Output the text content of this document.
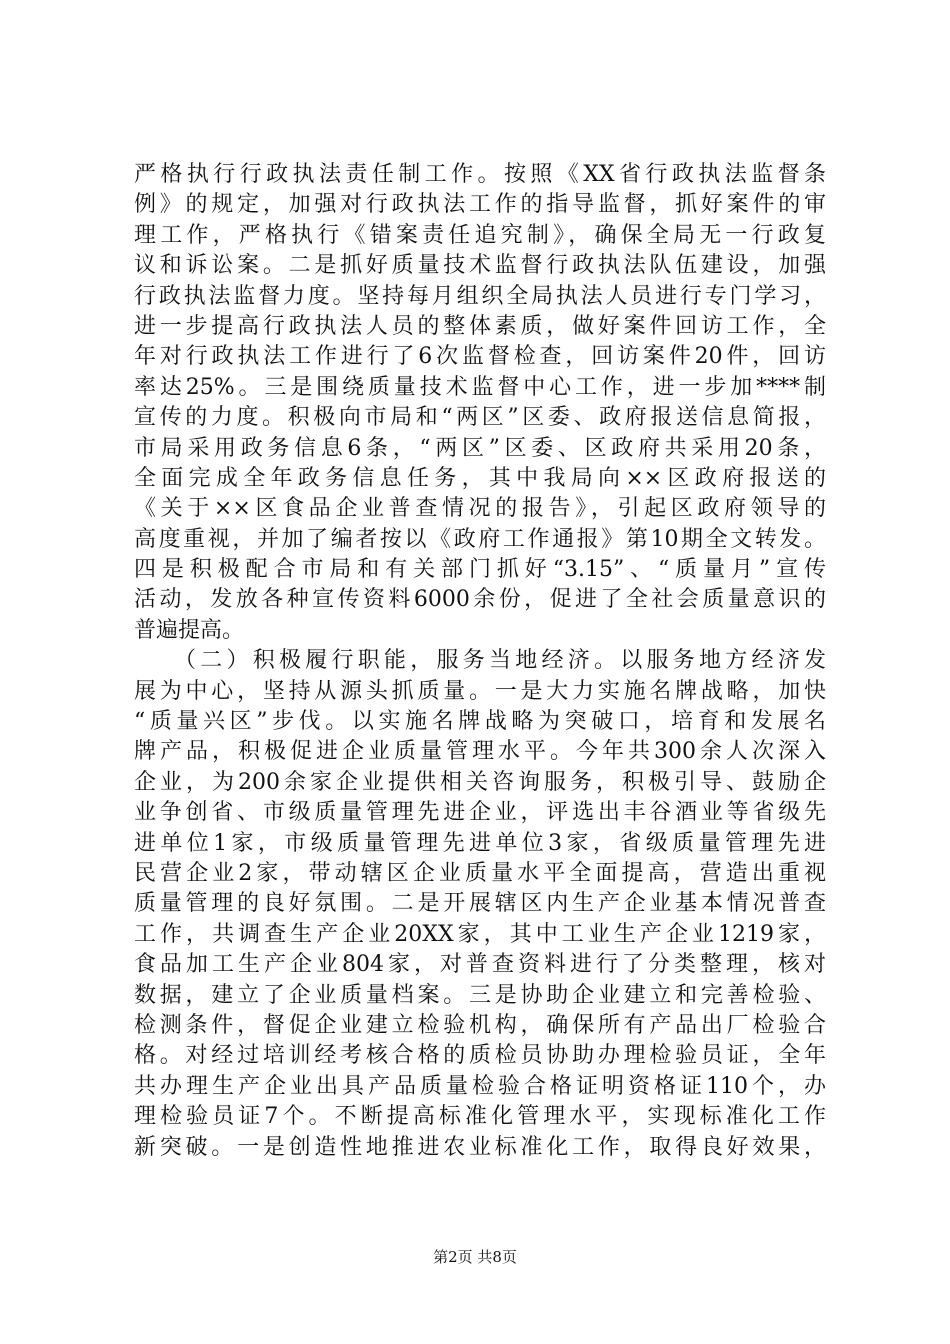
严格执行行政执法责任制工作。按照《XX省行政执法监督条
例》的规定，加强对行政执法工作的指导监督，抓好案件的审
理工作，严格执行《错案责任追究制》，确保全局无一行政复
议和诉讼案。二是抓好质量技术监督行政执法队伍建设，加强
行政执法监督力度。坚持每月组织全局执法人员进行专门学习，
进一步提高行政执法人员的整体素质，做好案件回访工作，全
年对行政执法工作进行了6次监督检查，回访案件20件，回访
率达25%。三是围绕质量技术监督中心工作，进一步加****制
宣传的力度。积极向市局和“两区”区委、政府报送信息简报，
市局采用政务信息6条，“两区”区委、区政府共采用20条，
全面完成全年政务信息任务，其中我局向××区政府报送的
《关于××区食品企业普查情况的报告》，引起区政府领导的
高度重视，并加了编者按以《政府工作通报》第10期全文转发。
四是积极配合市局和有关部门抓好“3.15”、“质量月”宣传
活动，发放各种宣传资料6000余份，促进了全社会质量意识的
普遍提高。
（二）积极履行职能，服务当地经济。以服务地方经济发
展为中心，坚持从源头抓质量。一是大力实施名牌战略，加快
“质量兴区”步伐。以实施名牌战略为突破口，培育和发展名
牌产品，积极促进企业质量管理水平。今年共300余人次深入
企业，为200余家企业提供相关咨询服务，积极引导、鼓励企
业争创省、市级质量管理先进企业，评选出丰谷酒业等省级先
进单位1家，市级质量管理先进单位3家，省级质量管理先进
民营企业2家，带动辖区企业质量水平全面提高，营造出重视
质量管理的良好氛围。二是开展辖区内生产企业基本情况普查
工作，共调查生产企业20XX家，其中工业生产企业1219家，
食品加工生产企业804家，对普查资料进行了分类整理，核对
数据，建立了企业质量档案。三是协助企业建立和完善检验、
检测条件，督促企业建立检验机构，确保所有产品出厂检验合
格。对经过培训经考核合格的质检员协助办理检验员证，全年
共办理生产企业出具产品质量检验合格证明资格证110个，办
理检验员证7个。不断提高标准化管理水平，实现标准化工作
新突破。一是创造性地推进农业标准化工作，取得良好效果，
第2页 共8页
